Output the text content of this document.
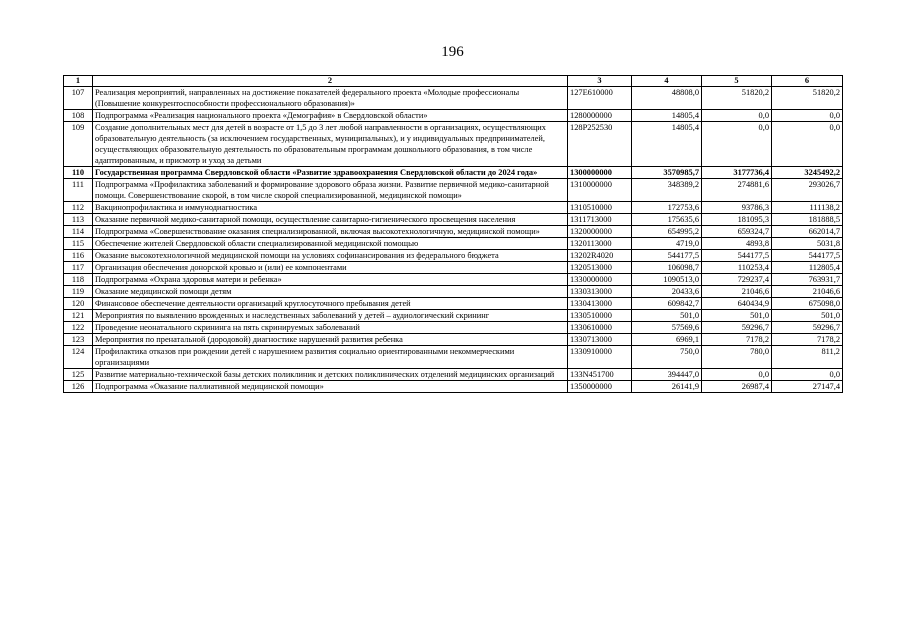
196
1	2	3	4	5	6
107	Реализация мероприятий, направленных на достижение показателей федерального проекта «Молодые профессионалы (Повышение конкурентоспособности профессионального образования)»	127E610000	48808,0	51820,2	51820,2
108	Подпрограмма «Реализация национального проекта «Демография» в Свердловской области»	1280000000	14805,4	0,0	0,0
109	Создание дополнительных мест для детей в возрасте от 1,5 до 3 лет любой направленности в организациях, осуществляющих образовательную деятельность (за исключением государственных, муниципальных), и у индивидуальных предпринимателей, осуществляющих образовательную деятельность по образовательным программам дошкольного образования, в том числе адаптированным, и присмотр и уход за детьми	128P252530	14805,4	0,0	0,0
110	Государственная программа Свердловской области «Развитие здравоохранения Свердловской области до 2024 года»	1300000000	3570985,7	3177736,4	3245492,2
111	Подпрограмма «Профилактика заболеваний и формирование здорового образа жизни. Развитие первичной медико-санитарной помощи. Совершенствование скорой, в том числе скорой специализированной, медицинской помощи»	1310000000	348389,2	274881,6	293026,7
112	Вакцинопрофилактика и иммунодиагностика	1310510000	172753,6	93786,3	111138,2
113	Оказание первичной медико-санитарной помощи, осуществление санитарно-гигиенического просвещения населения	1311713000	175635,6	181095,3	181888,5
114	Подпрограмма «Совершенствование оказания специализированной, включая высокотехнологичную, медицинской помощи»	1320000000	654995,2	659324,7	662014,7
115	Обеспечение жителей Свердловской области специализированной медицинской помощью	1320113000	4719,0	4893,8	5031,8
116	Оказание высокотехнологичной медицинской помощи на условиях софинансирования из федерального бюджета	13202R4020	544177,5	544177,5	544177,5
117	Организация обеспечения донорской кровью и (или) ее компонентами	1320513000	106098,7	110253,4	112805,4
118	Подпрограмма «Охрана здоровья матери и ребенка»	1330000000	1090513,0	729237,4	763931,7
119	Оказание медицинской помощи детям	1330313000	20433,6	21046,6	21046,6
120	Финансовое обеспечение деятельности организаций круглосуточного пребывания детей	1330413000	609842,7	640434,9	675098,0
121	Мероприятия по выявлению врожденных и наследственных заболеваний у детей – аудиологический скрининг	1330510000	501,0	501,0	501,0
122	Проведение неонатального скрининга на пять скринируемых заболеваний	1330610000	57569,6	59296,7	59296,7
123	Мероприятия по пренатальной (дородовой) диагностике нарушений развития ребенка	1330713000	6969,1	7178,2	7178,2
124	Профилактика отказов при рождении детей с нарушением развития социально ориентированными некоммерческими организациями	1330910000	750,0	780,0	811,2
125	Развитие материально-технической базы детских поликлиник и детских поликлинических отделений медицинских организаций	133N451700	394447,0	0,0	0,0
126	Подпрограмма «Оказание паллиативной медицинской помощи»	1350000000	26141,9	26987,4	27147,4
